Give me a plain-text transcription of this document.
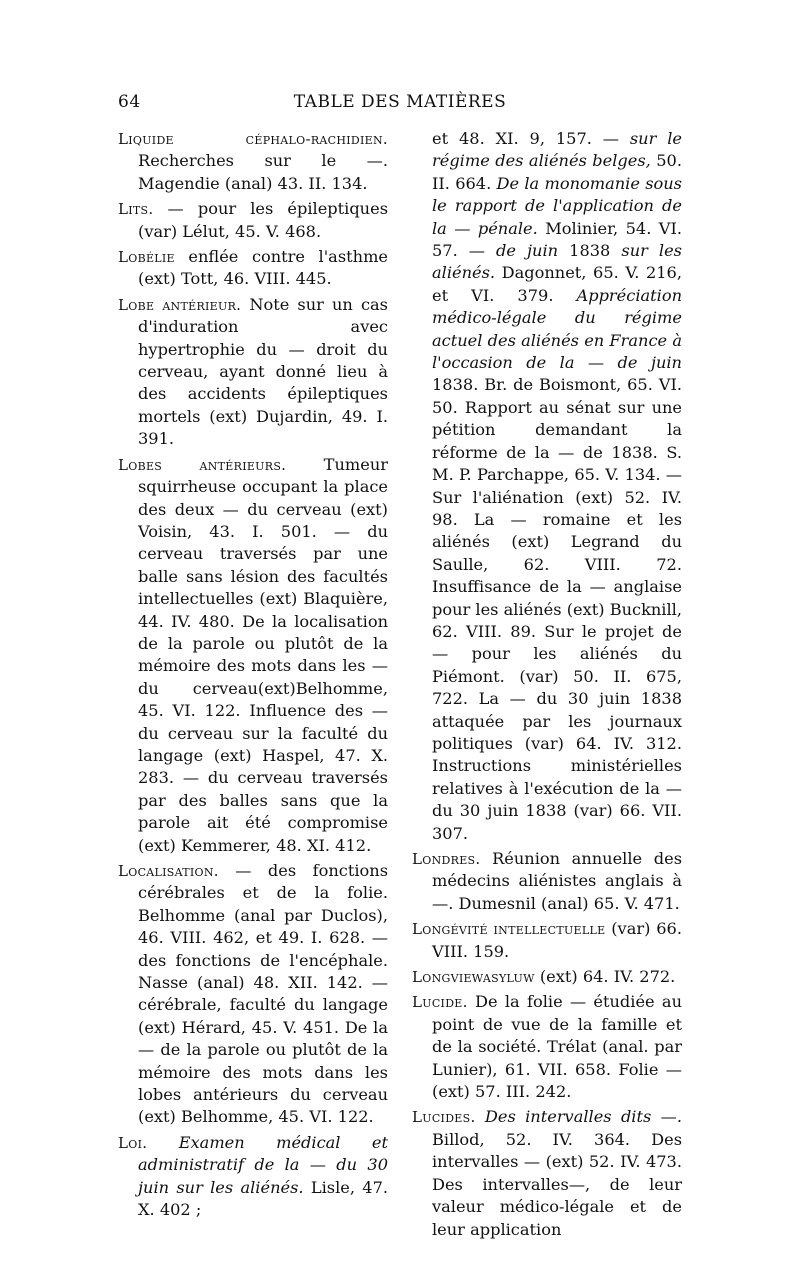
64	TABLE DES MATIÈRES
Liquide céphalo-rachidien. Recherches sur le —. Magendie (anal) 43. II. 134.
Lits. — pour les épileptiques (var) Lélut, 45. V. 468.
Lobélie enflée contre l'asthme (ext) Tott, 46. VIII. 445.
Lobe antérieur. Note sur un cas d'induration avec hypertrophie du — droit du cerveau, ayant donné lieu à des accidents épileptiques mortels (ext) Dujardin, 49. I. 391.
Lobes antérieurs. Tumeur squirrheuse occupant la place des deux — du cerveau (ext) Voisin, 43. I. 501. — du cerveau traversés par une balle sans lésion des facultés intellectuelles (ext) Blaquière, 44. IV. 480. De la localisation de la parole ou plutôt de la mémoire des mots dans les — du cerveau(ext)Belhomme, 45. VI. 122. Influence des — du cerveau sur la faculté du langage (ext) Haspel, 47. X. 283. — du cerveau traversés par des balles sans que la parole ait été compromise (ext) Kemmerer, 48. XI. 412.
Localisation. — des fonctions cérébrales et de la folie. Belhomme (anal par Duclos), 46. VIII. 462, et 49. I. 628. — des fonctions de l'encéphale. Nasse (anal) 48. XII. 142. — cérébrale, faculté du langage (ext) Hérard, 45. V. 451. De la — de la parole ou plutôt de la mémoire des mots dans les lobes antérieurs du cerveau (ext) Belhomme, 45. VI. 122.
Loi. Examen médical et administratif de la — du 30 juin sur les aliénés. Lisle, 47. X. 402 ;
et 48. XI. 9, 157. — sur le régime des aliénés belges, 50. II. 664. De la monomanie sous le rapport de l'application de la — pénale. Molinier, 54. VI. 57. — de juin 1838 sur les aliénés. Dagonnet, 65. V. 216, et VI. 379. Appréciation médico-légale du régime actuel des aliénés en France à l'occasion de la — de juin 1838. Br. de Boismont, 65. VI. 50. Rapport au sénat sur une pétition demandant la réforme de la — de 1838. S. M. P. Parchappe, 65. V. 134. — Sur l'aliénation (ext) 52. IV. 98. La — romaine et les aliénés (ext) Legrand du Saulle, 62. VIII. 72. Insuffisance de la — anglaise pour les aliénés (ext) Bucknill, 62. VIII. 89. Sur le projet de — pour les aliénés du Piémont. (var) 50. II. 675, 722. La — du 30 juin 1838 attaquée par les journaux politiques (var) 64. IV. 312. Instructions ministérielles relatives à l'exécution de la — du 30 juin 1838 (var) 66. VII. 307.
Londres. Réunion annuelle des médecins aliénistes anglais à —. Dumesnil (anal) 65. V. 471.
Longévité intellectuelle (var) 66. VIII. 159.
Longviewasyluw (ext) 64. IV. 272.
Lucide. De la folie — étudiée au point de vue de la famille et de la société. Trélat (anal. par Lunier), 61. VII. 658. Folie — (ext) 57. III. 242.
Lucides. Des intervalles dits —. Billod, 52. IV. 364. Des intervalles — (ext) 52. IV. 473. Des intervalles—, de leur valeur médico-légale et de leur application
